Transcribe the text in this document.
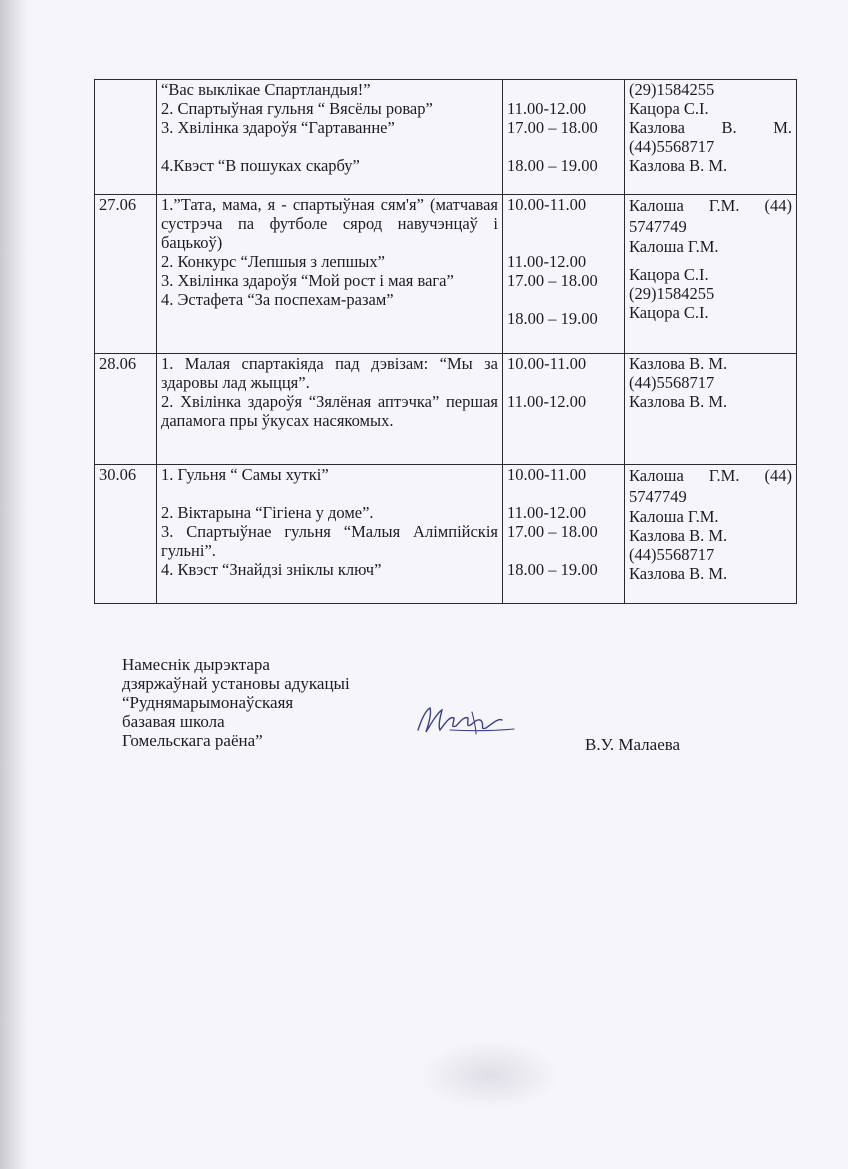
	“Вас выклікае Спартландыя!”
2. Спартыўная гульня “ Вясёлы ровар”
3. Хвілінка здароўя “Гартаванне”
4.Квэст “В пошуках скарбу”	11.00-12.00
17.00 – 18.00
18.00 – 19.00	(29)1584255
Кацора С.І.
Казлова В. М.
(44)5568717
Казлова В. М.

27.06	1.”Тата, мама, я - спартыўная сям'я” (матчавая сустрэча па футболе сярод навучэнцаў і бацькоў)
2. Конкурс “Лепшыя з лепшых”
3. Хвілінка здароўя “Мой рост і мая вага”
4. Эстафета “За поспехам-разам”	10.00-11.00
11.00-12.00
17.00 – 18.00
18.00 – 19.00	Калоша Г.М. (44) 5747749
Калоша Г.М.
Кацора С.І.
(29)1584255
Кацора С.І.

28.06	1. Малая спартакіяда пад дэвізам: “Мы за здаровы лад жыцця”.
2. Хвілінка здароўя “Зялёная аптэчка” першая дапамога пры ўкусах насякомых.	10.00-11.00
11.00-12.00	Казлова В. М.
(44)5568717
Казлова В. М.

30.06	1. Гульня “ Самы хуткі”
2. Віктарына “Гігіена у доме”.
3. Спартыўнае гульня “Малыя Алімпійскія гульні”.
4. Квэст “Знайдзі зніклы ключ”	10.00-11.00
11.00-12.00
17.00 – 18.00
18.00 – 19.00	Калоша Г.М. (44) 5747749
Калоша Г.М.
Казлова В. М.
(44)5568717
Казлова В. М.
Намеснік дырэктара
дзяржаўнай установы адукацыі
“Руднямарымонаўскаяя
базавая школа
Гомельскага раёна”	В.У. Малаева
